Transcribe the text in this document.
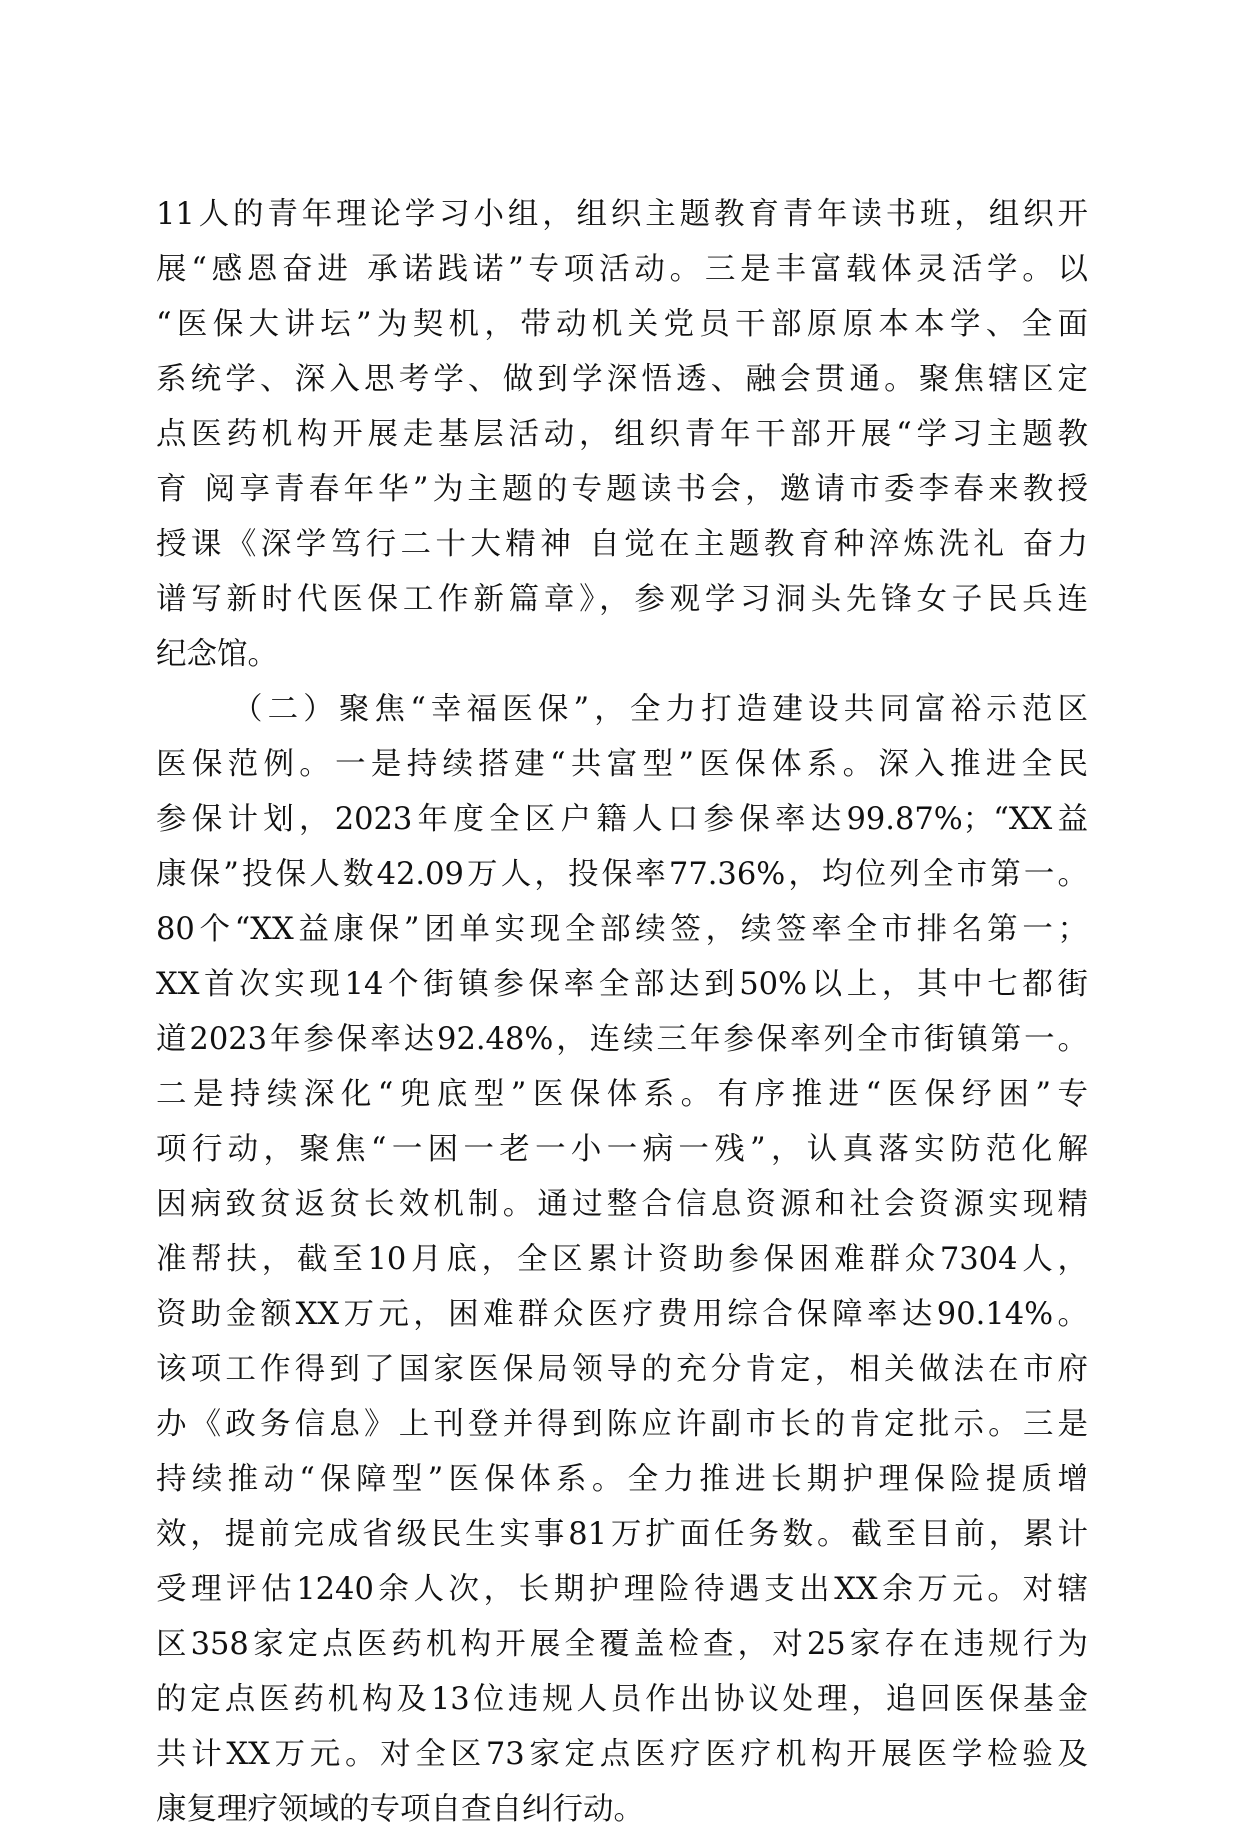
11人的青年理论学习小组，组织主题教育青年读书班，组织开
展“感恩奋进 承诺践诺”专项活动。三是丰富载体灵活学。以
“医保大讲坛”为契机，带动机关党员干部原原本本学、全面
系统学、深入思考学、做到学深悟透、融会贯通。聚焦辖区定
点医药机构开展走基层活动，组织青年干部开展“学习主题教
育 阅享青春年华”为主题的专题读书会，邀请市委李春来教授
授课《深学笃行二十大精神 自觉在主题教育种淬炼洗礼 奋力
谱写新时代医保工作新篇章》，参观学习洞头先锋女子民兵连
纪念馆。
（二）聚焦“幸福医保”，全力打造建设共同富裕示范区
医保范例。一是持续搭建“共富型”医保体系。深入推进全民
参保计划，2023年度全区户籍人口参保率达99.87%；“XX益
康保”投保人数42.09万人，投保率77.36%，均位列全市第一。
80个“XX益康保”团单实现全部续签，续签率全市排名第一；
XX首次实现14个街镇参保率全部达到50%以上，其中七都街
道2023年参保率达92.48%，连续三年参保率列全市街镇第一。
二是持续深化“兜底型”医保体系。有序推进“医保纾困”专
项行动，聚焦“一困一老一小一病一残”，认真落实防范化解
因病致贫返贫长效机制。通过整合信息资源和社会资源实现精
准帮扶，截至10月底，全区累计资助参保困难群众7304人，
资助金额XX万元，困难群众医疗费用综合保障率达90.14%。
该项工作得到了国家医保局领导的充分肯定，相关做法在市府
办《政务信息》上刊登并得到陈应许副市长的肯定批示。三是
持续推动“保障型”医保体系。全力推进长期护理保险提质增
效，提前完成省级民生实事81万扩面任务数。截至目前，累计
受理评估1240余人次，长期护理险待遇支出XX余万元。对辖
区358家定点医药机构开展全覆盖检查，对25家存在违规行为
的定点医药机构及13位违规人员作出协议处理，追回医保基金
共计XX万元。对全区73家定点医疗医疗机构开展医学检验及
康复理疗领域的专项自查自纠行动。
